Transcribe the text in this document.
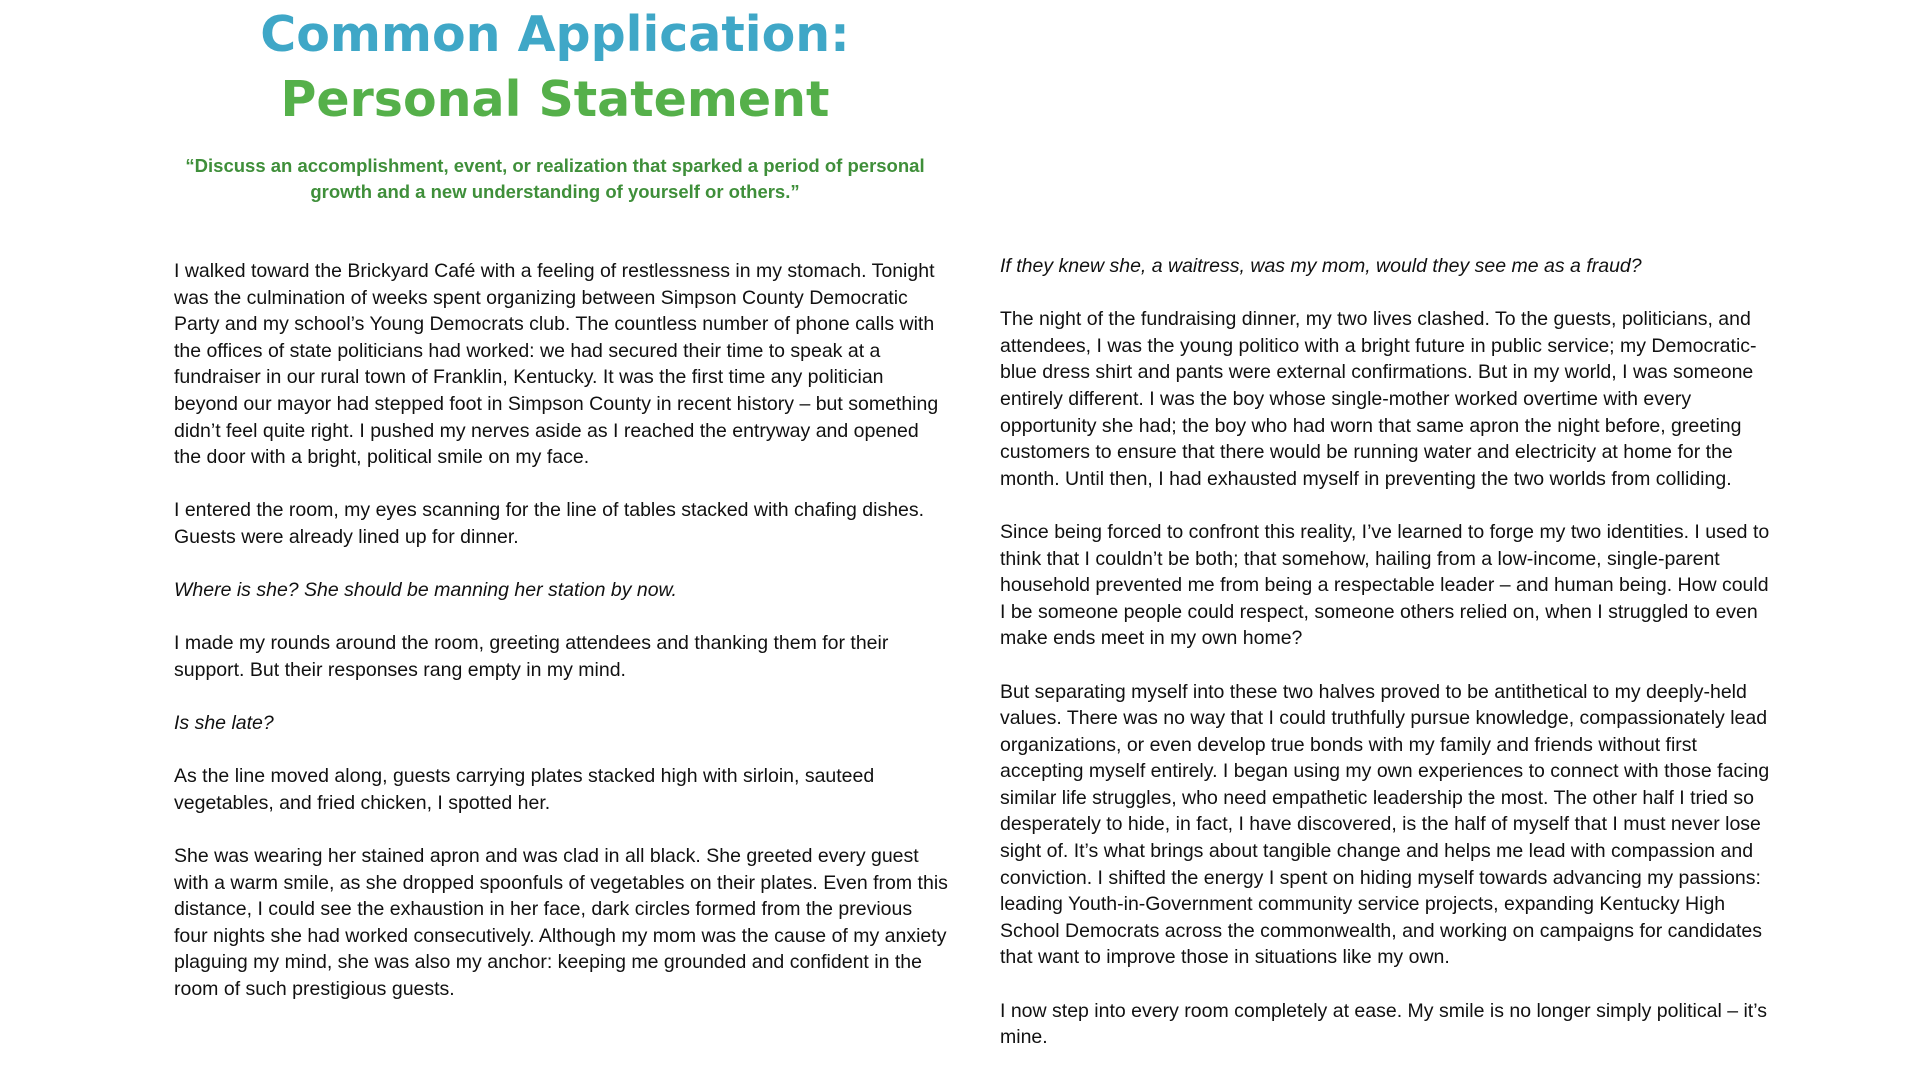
Common Application: Personal Statement

“Discuss an accomplishment, event, or realization that sparked a period of personal growth and a new understanding of yourself or others.”

I walked toward the Brickyard Café with a feeling of restlessness in my stomach. Tonight was the culmination of weeks spent organizing between Simpson County Democratic Party and my school’s Young Democrats club. The countless number of phone calls with the offices of state politicians had worked: we had secured their time to speak at a fundraiser in our rural town of Franklin, Kentucky. It was the first time any politician beyond our mayor had stepped foot in Simpson County in recent history – but something didn’t feel quite right. I pushed my nerves aside as I reached the entryway and opened the door with a bright, political smile on my face.

I entered the room, my eyes scanning for the line of tables stacked with chafing dishes. Guests were already lined up for dinner.

Where is she? She should be manning her station by now.

I made my rounds around the room, greeting attendees and thanking them for their support. But their responses rang empty in my mind.

Is she late?

As the line moved along, guests carrying plates stacked high with sirloin, sauteed vegetables, and fried chicken, I spotted her.

She was wearing her stained apron and was clad in all black. She greeted every guest with a warm smile, as she dropped spoonfuls of vegetables on their plates. Even from this distance, I could see the exhaustion in her face, dark circles formed from the previous four nights she had worked consecutively. Although my mom was the cause of my anxiety plaguing my mind, she was also my anchor: keeping me grounded and confident in the room of such prestigious guests.

If they knew she, a waitress, was my mom, would they see me as a fraud?

The night of the fundraising dinner, my two lives clashed. To the guests, politicians, and attendees, I was the young politico with a bright future in public service; my Democratic-blue dress shirt and pants were external confirmations. But in my world, I was someone entirely different. I was the boy whose single-mother worked overtime with every opportunity she had; the boy who had worn that same apron the night before, greeting customers to ensure that there would be running water and electricity at home for the month. Until then, I had exhausted myself in preventing the two worlds from colliding.

Since being forced to confront this reality, I’ve learned to forge my two identities. I used to think that I couldn’t be both; that somehow, hailing from a low-income, single-parent household prevented me from being a respectable leader – and human being. How could I be someone people could respect, someone others relied on, when I struggled to even make ends meet in my own home?

But separating myself into these two halves proved to be antithetical to my deeply-held values. There was no way that I could truthfully pursue knowledge, compassionately lead organizations, or even develop true bonds with my family and friends without first accepting myself entirely. I began using my own experiences to connect with those facing similar life struggles, who need empathetic leadership the most. The other half I tried so desperately to hide, in fact, I have discovered, is the half of myself that I must never lose sight of. It’s what brings about tangible change and helps me lead with compassion and conviction. I shifted the energy I spent on hiding myself towards advancing my passions: leading Youth-in-Government community service projects, expanding Kentucky High School Democrats across the commonwealth, and working on campaigns for candidates that want to improve those in situations like my own.

I now step into every room completely at ease. My smile is no longer simply political – it’s mine.
